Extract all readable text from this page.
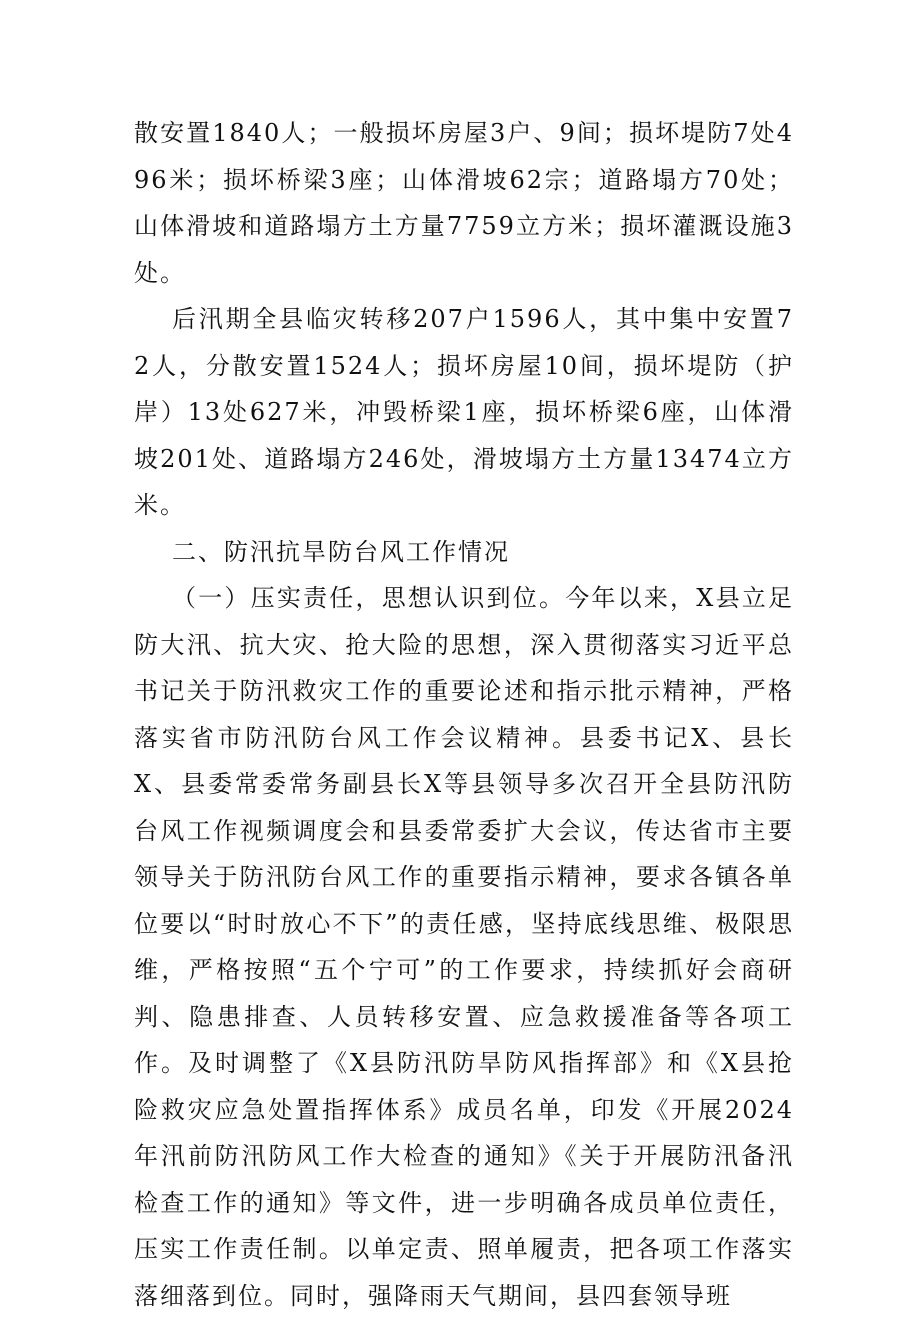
散安置1840人；一般损坏房屋3户、9间；损坏堤防7处496米；损坏桥梁3座；山体滑坡62宗；道路塌方70处；山体滑坡和道路塌方土方量7759立方米；损坏灌溉设施3处。

后汛期全县临灾转移207户1596人，其中集中安置72人，分散安置1524人；损坏房屋10间，损坏堤防（护岸）13处627米，冲毁桥梁1座，损坏桥梁6座，山体滑坡201处、道路塌方246处，滑坡塌方土方量13474立方米。

二、防汛抗旱防台风工作情况

（一）压实责任，思想认识到位。今年以来，X县立足防大汛、抗大灾、抢大险的思想，深入贯彻落实习近平总书记关于防汛救灾工作的重要论述和指示批示精神，严格落实省市防汛防台风工作会议精神。县委书记X、县长X、县委常委常务副县长X等县领导多次召开全县防汛防台风工作视频调度会和县委常委扩大会议，传达省市主要领导关于防汛防台风工作的重要指示精神，要求各镇各单位要以“时时放心不下”的责任感，坚持底线思维、极限思维，严格按照“五个宁可”的工作要求，持续抓好会商研判、隐患排查、人员转移安置、应急救援准备等各项工作。及时调整了《X县防汛防旱防风指挥部》和《X县抢险救灾应急处置指挥体系》成员名单，印发《开展2024年汛前防汛防风工作大检查的通知》《关于开展防汛备汛检查工作的通知》等文件，进一步明确各成员单位责任，压实工作责任制。以单定责、照单履责，把各项工作落实落细落到位。同时，强降雨天气期间，县四套领导班
